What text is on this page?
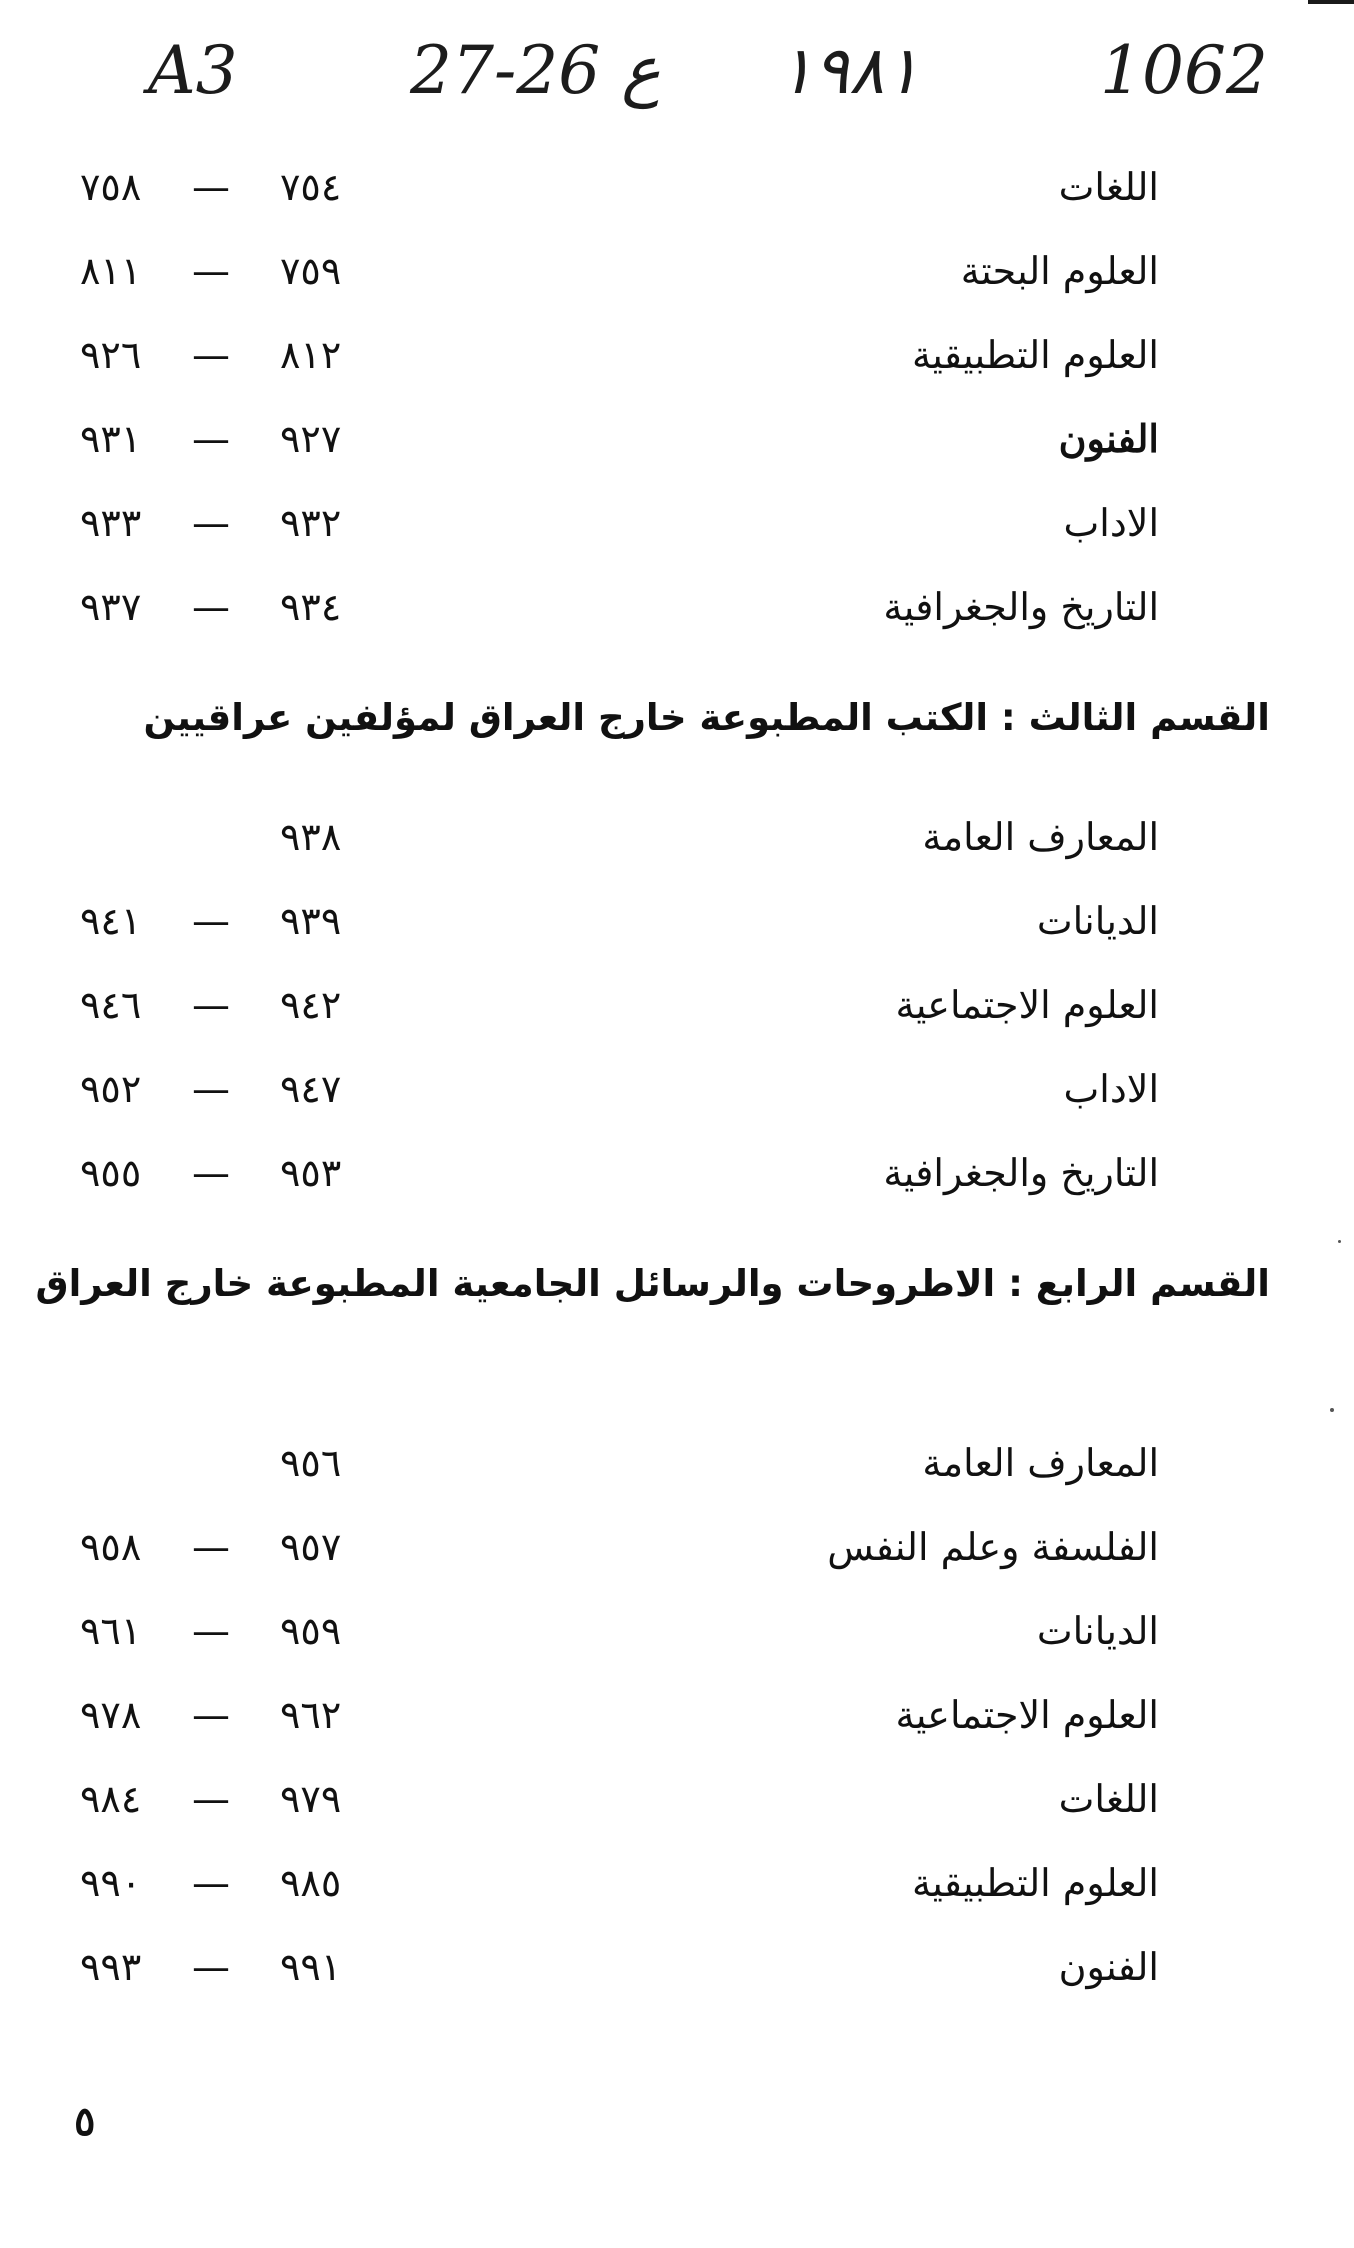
A3	27-26 ع ١٩٨١	1062
اللغات
٧٥٨ — ٧٥٤
العلوم البحتة
٨١١ — ٧٥٩
العلوم التطبيقية
٩٢٦ — ٨١٢
الفنون
٩٣١ — ٩٢٧
الاداب
٩٣٣ — ٩٣٢
التاريخ والجغرافية
٩٣٧ — ٩٣٤
القسم الثالث : الكتب المطبوعة خارج العراق لمؤلفين عراقيين
المعارف العامة
٩٣٨
الديانات
٩٤١ — ٩٣٩
العلوم الاجتماعية
٩٤٦ — ٩٤٢
الاداب
٩٥٢ — ٩٤٧
التاريخ والجغرافية
٩٥٥ — ٩٥٣
القسم الرابع : الاطروحات والرسائل الجامعية المطبوعة خارج العراق
المعارف العامة
٩٥٦
الفلسفة وعلم النفس
٩٥٨ — ٩٥٧
الديانات
٩٦١ — ٩٥٩
العلوم الاجتماعية
٩٧٨ — ٩٦٢
اللغات
٩٨٤ — ٩٧٩
العلوم التطبيقية
٩٩٠ — ٩٨٥
الفنون
٩٩٣ — ٩٩١
٥
